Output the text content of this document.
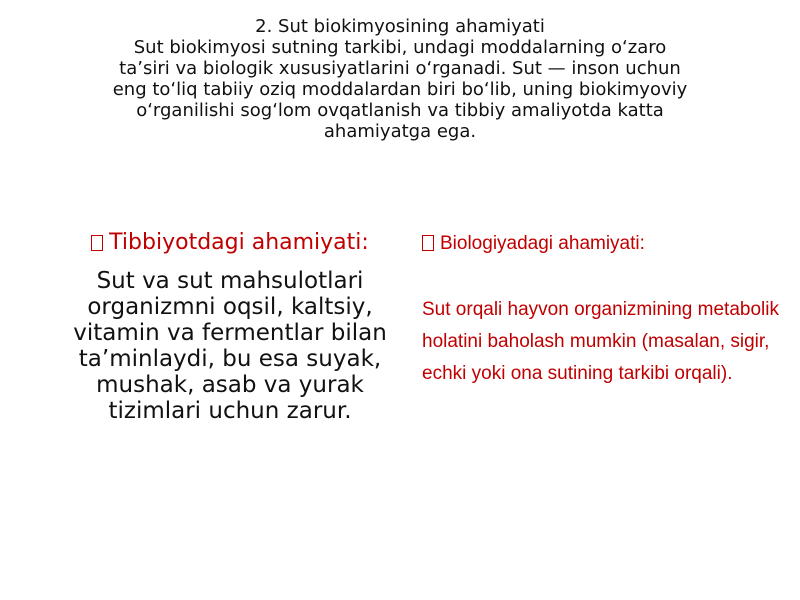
2. Sut biokimyosining ahamiyati
Sut biokimyosi sutning tarkibi, undagi moddalarning o‘zaro
ta’siri va biologik xususiyatlarini o‘rganadi. Sut — inson uchun
eng to‘liq tabiiy oziq moddalardan biri bo‘lib, uning biokimyoviy
o‘rganilishi sog‘lom ovqatlanish va tibbiy amaliyotda katta
ahamiyatga ega.
Tibbiyotdagi ahamiyati:
Sut va sut mahsulotlari organizmni oqsil, kaltsiy, vitamin va fermentlar bilan ta’minlaydi, bu esa suyak, mushak, asab va yurak tizimlari uchun zarur.
Biologiyadagi ahamiyati:
Sut orqali hayvon organizmining metabolik holatini baholash mumkin (masalan, sigir, echki yoki ona sutining tarkibi orqali).
